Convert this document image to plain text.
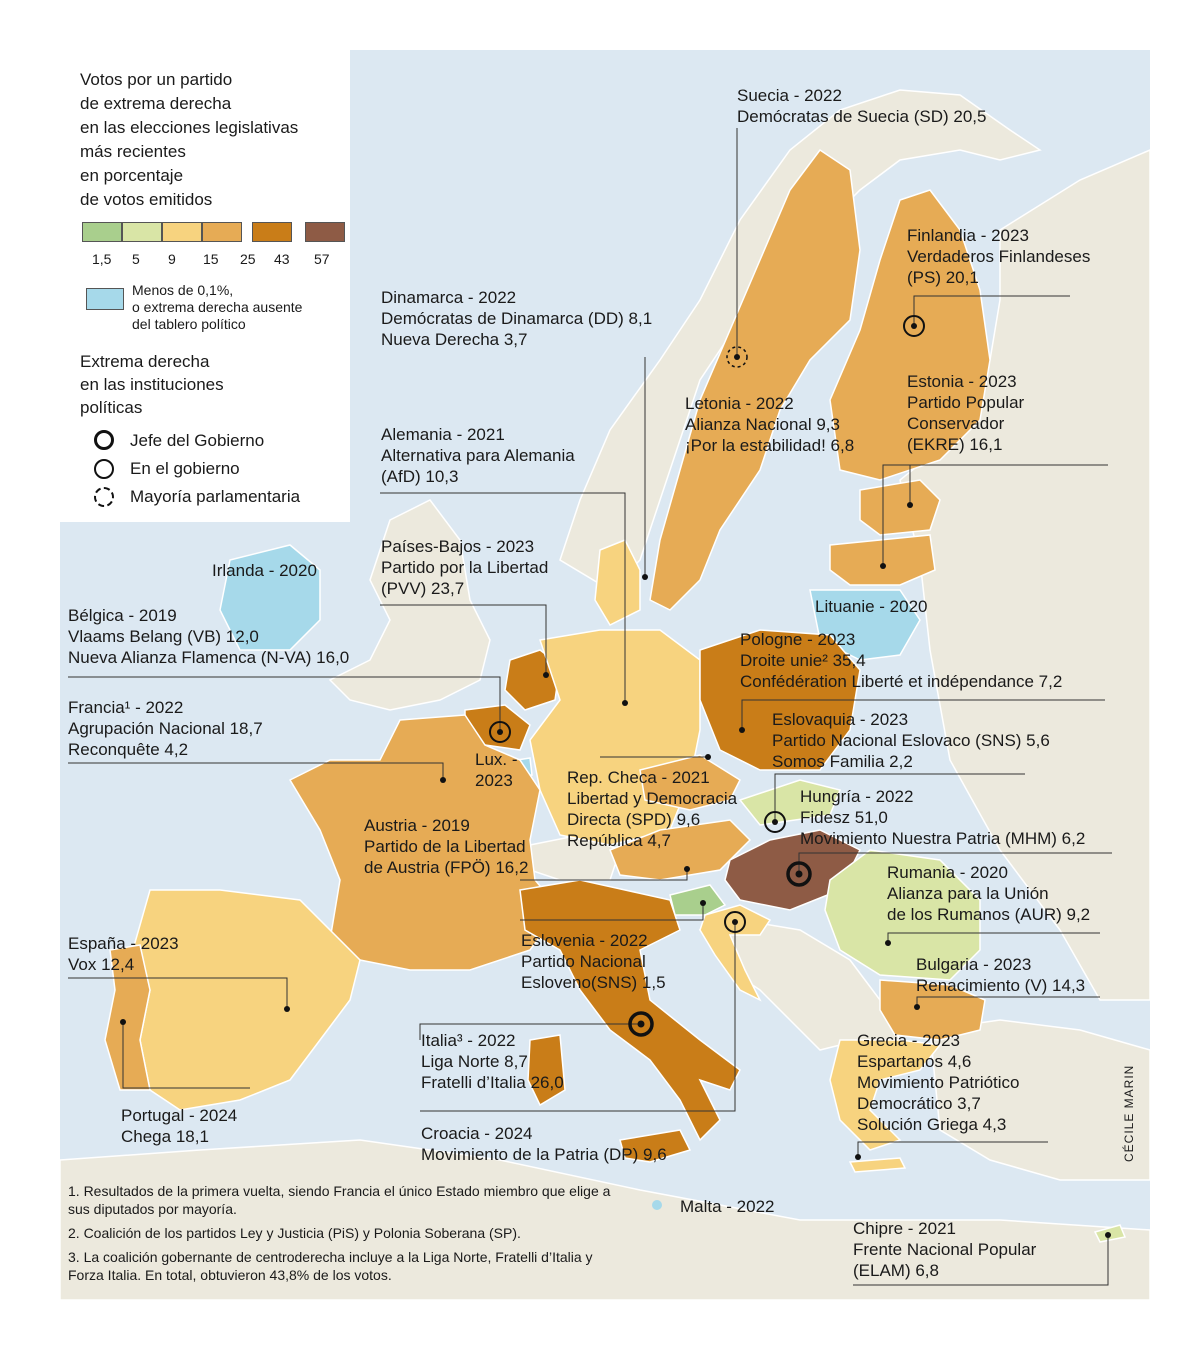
Votos por un partido
de extrema derecha
en las elecciones legislativas
más recientes
en porcentaje
de votos emitidos
1,5 5 9 15 25 43 57
Menos de 0,1%,
o extrema derecha ausente
del tablero político
Extrema derecha
en las instituciones
políticas
Jefe del Gobierno
En el gobierno
Mayoría parlamentaria
Suecia - 2022
Demócratas de Suecia (SD) 20,5
Finlandia - 2023
Verdaderos Finlandeses
(PS) 20,1
Dinamarca - 2022
Demócratas de Dinamarca (DD) 8,1
Nueva Derecha 3,7
Letonia - 2022
Alianza Nacional 9,3
¡Por la estabilidad! 6,8
Estonia - 2023
Partido Popular
Conservador
(EKRE) 16,1
Alemania - 2021
Alternativa para Alemania
(AfD) 10,3
Irlanda - 2020
Países-Bajos - 2023
Partido por la Libertad
(PVV) 23,7
Lituanie - 2020
Bélgica - 2019
Vlaams Belang (VB) 12,0
Nueva Alianza Flamenca (N-VA) 16,0
Pologne - 2023
Droite unie² 35,4
Confédération Liberté et indépendance 7,2
Francia¹ - 2022
Agrupación Nacional 18,7
Reconquête 4,2
Eslovaquia - 2023
Partido Nacional Eslovaco (SNS) 5,6
Somos Familia 2,2
Lux. -
2023	Rep. Checa - 2021
Libertad y Democracia
Directa (SPD) 9,6
República 4,7
Hungría - 2022
Fidesz 51,0
Movimiento Nuestra Patria (MHM) 6,2
Austria - 2019
Partido de la Libertad
de Austria (FPÖ) 16,2	Rumania - 2020
Alianza para la Unión
de los Rumanos (AUR) 9,2
España - 2023
Vox 12,4
Eslovenia - 2022
Partido Nacional
Esloveno(SNS) 1,5
Bulgaria - 2023
Renacimiento (V) 14,3
Italia³ - 2022
Liga Norte 8,7
Fratelli d’Italia 26,0
Grecia - 2023
Espartanos 4,6
Movimiento Patriótico
Democrático 3,7
Solución Griega 4,3
Portugal - 2024
Chega 18,1	Croacia - 2024
Movimiento de la Patria (DP) 9,6
Malta - 2022
Chipre - 2021
Frente Nacional Popular
(ELAM) 6,8
1. Resultados de la primera vuelta, siendo Francia el único Estado miembro que elige a sus diputados por mayoría.
2. Coalición de los partidos Ley y Justicia (PiS) y Polonia Soberana (SP).
3. La coalición gobernante de centroderecha incluye a la Liga Norte, Fratelli d’Italia y Forza Italia. En total, obtuvieron 43,8% de los votos.
CÉCILE MARIN
